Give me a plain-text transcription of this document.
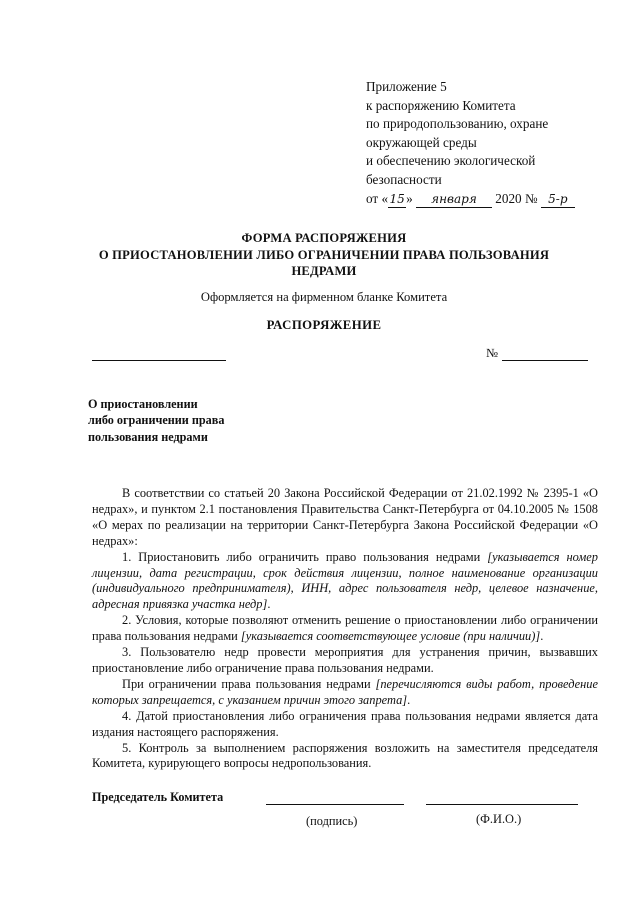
Приложение 5
к распоряжению Комитета
по природопользованию, охране
окружающей среды
и обеспечению экологической
безопасности
от «15» января 2020 № 5-р
ФОРМА РАСПОРЯЖЕНИЯ
О ПРИОСТАНОВЛЕНИИ ЛИБО ОГРАНИЧЕНИИ ПРАВА ПОЛЬЗОВАНИЯ
НЕДРАМИ
Оформляется на фирменном бланке Комитета
РАСПОРЯЖЕНИЕ
№
О приостановлении
либо ограничении права
пользования недрами

В соответствии со статьей 20 Закона Российской Федерации от 21.02.1992 № 2395-1 «О недрах», и пунктом 2.1 постановления Правительства Санкт-Петербурга от 04.10.2005 № 1508 «О мерах по реализации на территории Санкт-Петербурга Закона Российской Федерации «О недрах»:

1. Приостановить либо ограничить право пользования недрами [указывается номер лицензии, дата регистрации, срок действия лицензии, полное наименование организации (индивидуального предпринимателя), ИНН, адрес пользователя недр, целевое назначение, адресная привязка участка недр].

2. Условия, которые позволяют отменить решение о приостановлении либо ограничении права пользования недрами [указывается соответствующее условие (при наличии)].

3. Пользователю недр провести мероприятия для устранения причин, вызвавших приостановление либо ограничение права пользования недрами.

При ограничении права пользования недрами [перечисляются виды работ, проведение которых запрещается, с указанием причин этого запрета].

4. Датой приостановления либо ограничения права пользования недрами является дата издания настоящего распоряжения.

5. Контроль за выполнением распоряжения возложить на заместителя председателя Комитета, курирующего вопросы недропользования.

Председатель Комитета
(подпись)	(Ф.И.О.)
